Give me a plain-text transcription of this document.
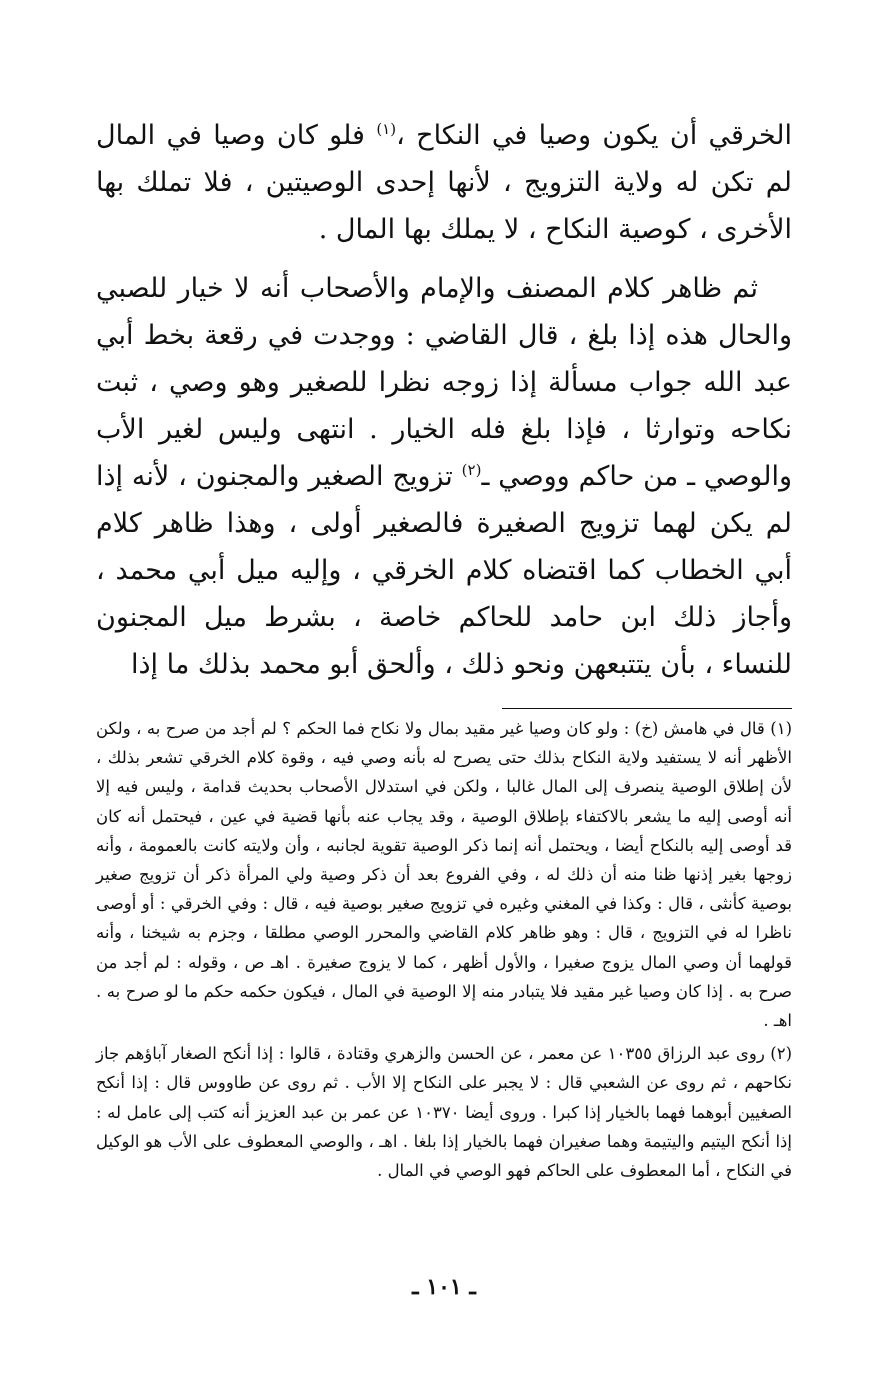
الخرقي أن يكون وصيا في النكاح ،$^{(١)}$ فلو كان وصيا في المال لم تكن له ولاية التزويج ، لأنها إحدى الوصيتين ، فلا تملك بها الأخرى ، كوصية النكاح ، لا يملك بها المال .

ثم ظاهر كلام المصنف والإمام والأصحاب أنه لا خيار للصبي والحال هذه إذا بلغ ، قال القاضي : ووجدت في رقعة بخط أبي عبد الله جواب مسألة إذا زوجه نظرا للصغير وهو وصي ، ثبت نكاحه وتوارثا ، فإذا بلغ فله الخيار . انتهى وليس لغير الأب والوصي ـ من حاكم ووصي ـ$^{(٢)}$ تزويج الصغير والمجنون ، لأنه إذا لم يكن لهما تزويج الصغيرة فالصغير أولى ، وهذا ظاهر كلام أبي الخطاب كما اقتضاه كلام الخرقي ، وإليه ميل أبي محمد ، وأجاز ذلك ابن حامد للحاكم خاصة ، بشرط ميل المجنون للنساء ، بأن يتتبعهن ونحو ذلك ، وألحق أبو محمد بذلك ما إذا

(١) قال في هامش (خ) : ولو كان وصيا غير مقيد بمال ولا نكاح فما الحكم ؟ لم أجد من صرح به ، ولكن الأظهر أنه لا يستفيد ولاية النكاح بذلك حتى يصرح له بأنه وصي فيه ، وقوة كلام الخرقي تشعر بذلك ، لأن إطلاق الوصية ينصرف إلى المال غالبا ، ولكن في استدلال الأصحاب بحديث قدامة ، وليس فيه إلا أنه أوصى إليه ما يشعر بالاكتفاء بإطلاق الوصية ، وقد يجاب عنه بأنها قضية في عين ، فيحتمل أنه كان قد أوصى إليه بالنكاح أيضا ، ويحتمل أنه إنما ذكر الوصية تقوية لجانبه ، وأن ولايته كانت بالعمومة ، وأنه زوجها بغير إذنها ظنا منه أن ذلك له ، وفي الفروع بعد أن ذكر وصية ولي المرأة ذكر أن تزويج صغير بوصية كأنثى ، قال : وكذا في المغني وغيره في تزويج صغير بوصية فيه ، قال : وفي الخرقي : أو أوصى ناظرا له في التزويج ، قال : وهو ظاهر كلام القاضي والمحرر الوصي مطلقا ، وجزم به شيخنا ، وأنه قولهما أن وصي المال يزوج صغيرا ، والأول أظهر ، كما لا يزوج صغيرة . اهـ ص ، وقوله : لم أجد من صرح به . إذا كان وصيا غير مقيد فلا يتبادر منه إلا الوصية في المال ، فيكون حكمه حكم ما لو صرح به . اهـ .

(٢) روى عبد الرزاق ١٠٣٥٥ عن معمر ، عن الحسن والزهري وقتادة ، قالوا : إذا أنكح الصغار آباؤهم جاز نكاحهم ، ثم روى عن الشعبي قال : لا يجبر على النكاح إلا الأب . ثم روى عن طاووس قال : إذا أنكح الصغيين أبوهما فهما بالخيار إذا كبرا . وروى أيضا ١٠٣٧٠ عن عمر بن عبد العزيز أنه كتب إلى عامل له : إذا أنكح اليتيم واليتيمة وهما صغيران فهما بالخيار إذا بلغا . اهـ ، والوصي المعطوف على الأب هو الوكيل في النكاح ، أما المعطوف على الحاكم فهو الوصي في المال .

ـ ١٠١ ـ
